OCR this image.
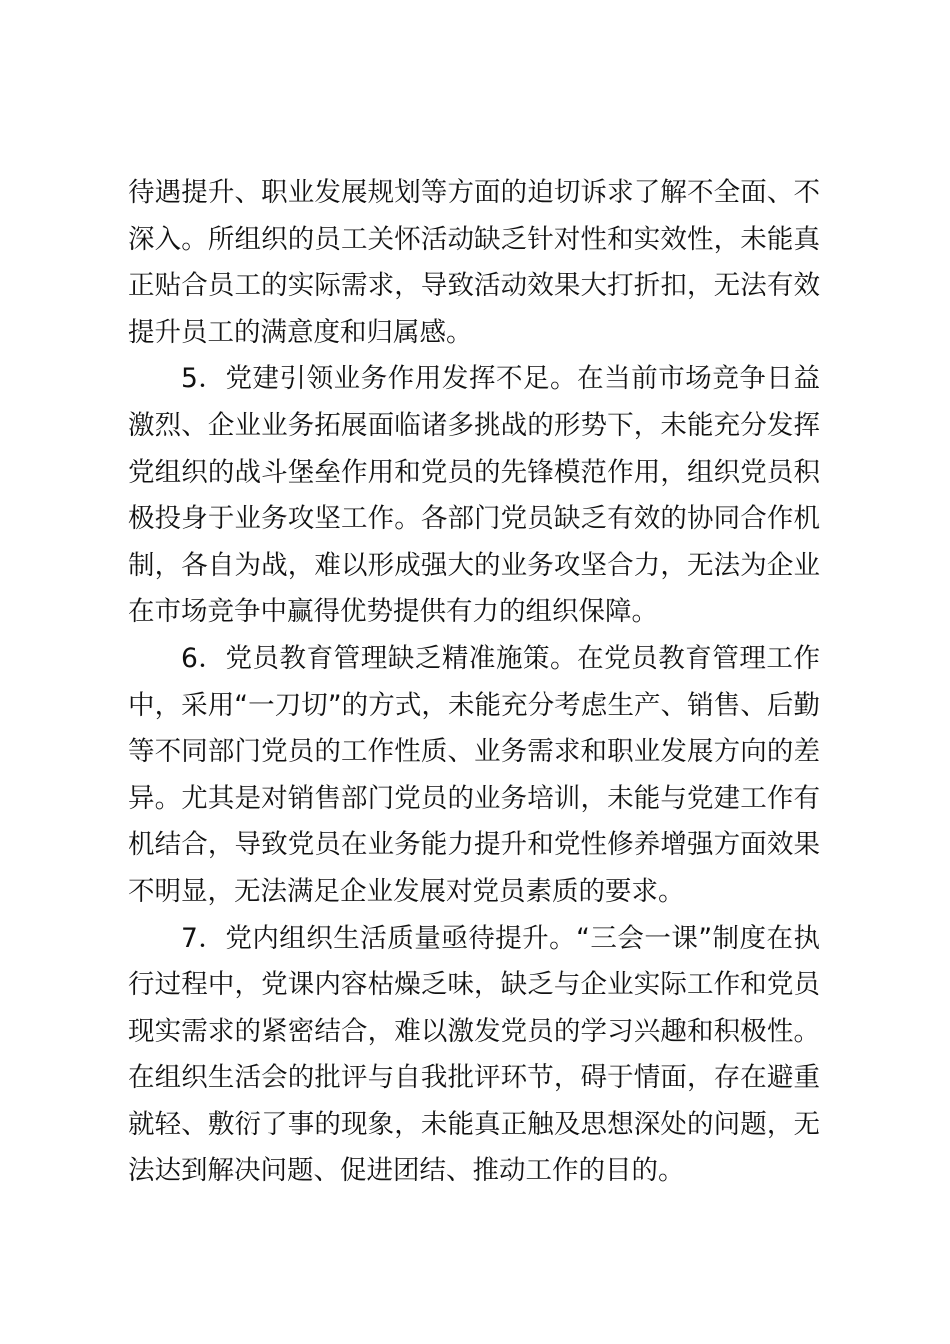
待遇提升、职业发展规划等方面的迫切诉求了解不全面、不深入。所组织的员工关怀活动缺乏针对性和实效性，未能真正贴合员工的实际需求，导致活动效果大打折扣，无法有效提升员工的满意度和归属感。

5．党建引领业务作用发挥不足。在当前市场竞争日益激烈、企业业务拓展面临诸多挑战的形势下，未能充分发挥党组织的战斗堡垒作用和党员的先锋模范作用，组织党员积极投身于业务攻坚工作。各部门党员缺乏有效的协同合作机制，各自为战，难以形成强大的业务攻坚合力，无法为企业在市场竞争中赢得优势提供有力的组织保障。

6．党员教育管理缺乏精准施策。在党员教育管理工作中，采用“一刀切”的方式，未能充分考虑生产、销售、后勤等不同部门党员的工作性质、业务需求和职业发展方向的差异。尤其是对销售部门党员的业务培训，未能与党建工作有机结合，导致党员在业务能力提升和党性修养增强方面效果不明显，无法满足企业发展对党员素质的要求。

7．党内组织生活质量亟待提升。“三会一课”制度在执行过程中，党课内容枯燥乏味，缺乏与企业实际工作和党员现实需求的紧密结合，难以激发党员的学习兴趣和积极性。在组织生活会的批评与自我批评环节，碍于情面，存在避重就轻、敷衍了事的现象，未能真正触及思想深处的问题，无法达到解决问题、促进团结、推动工作的目的。
